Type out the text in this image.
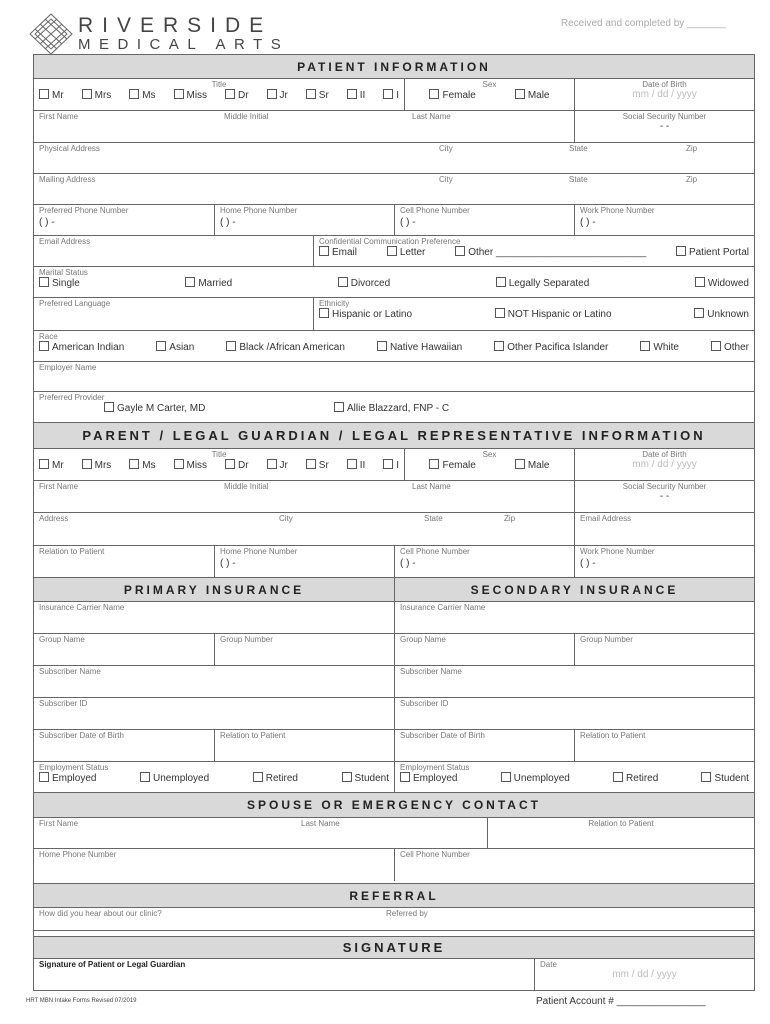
RIVERSIDE
MEDICAL ARTS
Received and completed by _______
PATIENT INFORMATION
Title
Mr	Mrs	Ms	Miss	Dr	Jr	Sr	II	I
Sex
Female	Male
Date of Birth
mm / dd / yyyy
First Name	Middle Initial	Last Name	Social Security Number
- -
Physical Address	City	State	Zip
Mailing Address	City	State	Zip
Preferred Phone Number
( ) -
Home Phone Number
( ) -
Cell Phone Number
( ) -
Work Phone Number
( ) -
Email Address	Confidential Communication Preference
Email	Letter	Other ___________________________	Patient Portal
Marital Status
Single	Married	Divorced	Legally Separated	Widowed
Preferred Language	Ethnicity
Hispanic or Latino	NOT Hispanic or Latino	Unknown
Race
American Indian	Asian	Black /African American	Native Hawaiian	Other Pacifica Islander	White	Other
Employer Name
Preferred Provider
Gayle M Carter, MD	Allie Blazzard, FNP - C
PARENT / LEGAL GUARDIAN / LEGAL REPRESENTATIVE INFORMATION
Title
Mr	Mrs	Ms	Miss	Dr	Jr	Sr	II	I
Sex
Female	Male
Date of Birth
mm / dd / yyyy
First Name	Middle Initial	Last Name	Social Security Number
- -
Address	City	State	Zip	Email Address
Relation to Patient	Home Phone Number
( ) -
Cell Phone Number
( ) -
Work Phone Number
( ) -
PRIMARY INSURANCE	SECONDARY INSURANCE
Insurance Carrier Name	Insurance Carrier Name
Group Name	Group Number	Group Name	Group Number
Subscriber Name	Subscriber Name
Subscriber ID	Subscriber ID
Subscriber Date of Birth	Relation to Patient	Subscriber Date of Birth	Relation to Patient
Employment Status
Employed	Unemployed	Retired	Student
Employment Status
Employed	Unemployed	Retired	Student
SPOUSE OR EMERGENCY CONTACT
First Name	Last Name	Relation to Patient
Home Phone Number	Cell Phone Number
REFERRAL
How did you hear about our clinic?	Referred by
SIGNATURE
Signature of Patient or Legal Guardian	Date
mm / dd / yyyy
HRT MBN Intake Forms Revised 07/2019	Patient Account # ________________
